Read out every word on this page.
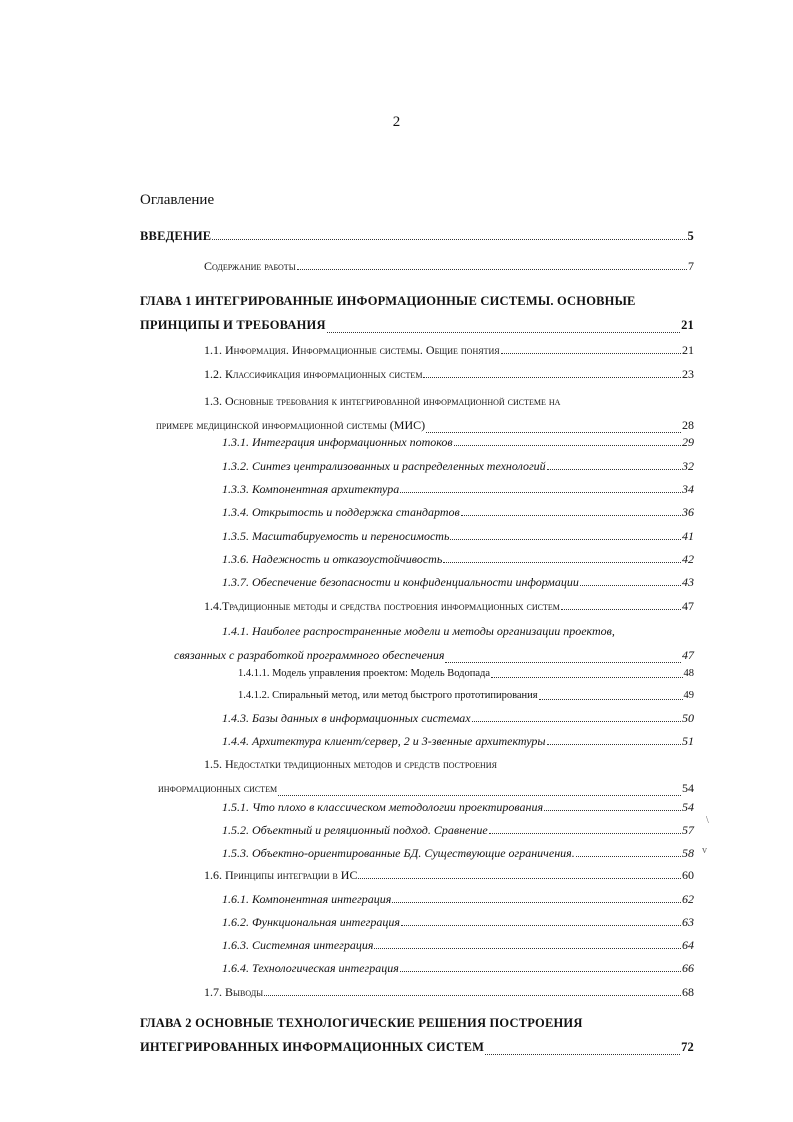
2
Оглавление
ВВЕДЕНИЕ	5
Содержание работы	7
ГЛАВА 1 ИНТЕГРИРОВАННЫЕ ИНФОРМАЦИОННЫЕ СИСТЕМЫ. ОСНОВНЫЕ
ПРИНЦИПЫ И ТРЕБОВАНИЯ	21
1.1. Информация. Информационные системы. Общие понятия	21
1.2. Классификация информационных систем	23
1.3. Основные требования к интегрированной информационной системе на
примере медицинской информационной системы (МИС)	28
1.3.1. Интеграция информационных потоков	29
1.3.2. Синтез централизованных и распределенных технологий	32
1.3.3. Компонентная архитектура	34
1.3.4. Открытость и поддержка стандартов	36
1.3.5. Масштабируемость и переносимость	41
1.3.6. Надежность и отказоустойчивость	42
1.3.7. Обеспечение безопасности и конфиденциальности информации	43
1.4.Традиционные методы и средства построения информационных систем	47
1.4.1. Наиболее распространенные модели и методы организации проектов,
связанных с разработкой программного обеспечения	47
1.4.1.1. Модель управления проектом: Модель Водопада	48
1.4.1.2. Спиральный метод, или метод быстрого прототипирования	49
1.4.3. Базы данных в информационных системах	50
1.4.4. Архитектура клиент/сервер, 2 и 3-звенные архитектуры	51
1.5. Недостатки традиционных методов и средств построения
информационных систем	54
1.5.1. Что плохо в классическом методологии проектирования	54
1.5.2. Объектный и реляционный подход. Сравнение	57
1.5.3. Объектно-ориентированные БД. Существующие ограничения.	58
1.6. Принципы интеграции в ИС	60
1.6.1. Компонентная интеграция	62
1.6.2. Функциональная интеграция	63
1.6.3. Системная интеграция	64
1.6.4. Технологическая интеграция	66
1.7. Выводы	68
ГЛАВА 2 ОСНОВНЫЕ ТЕХНОЛОГИЧЕСКИЕ РЕШЕНИЯ ПОСТРОЕНИЯ
ИНТЕГРИРОВАННЫХ ИНФОРМАЦИОННЫХ СИСТЕМ	72
\
v
